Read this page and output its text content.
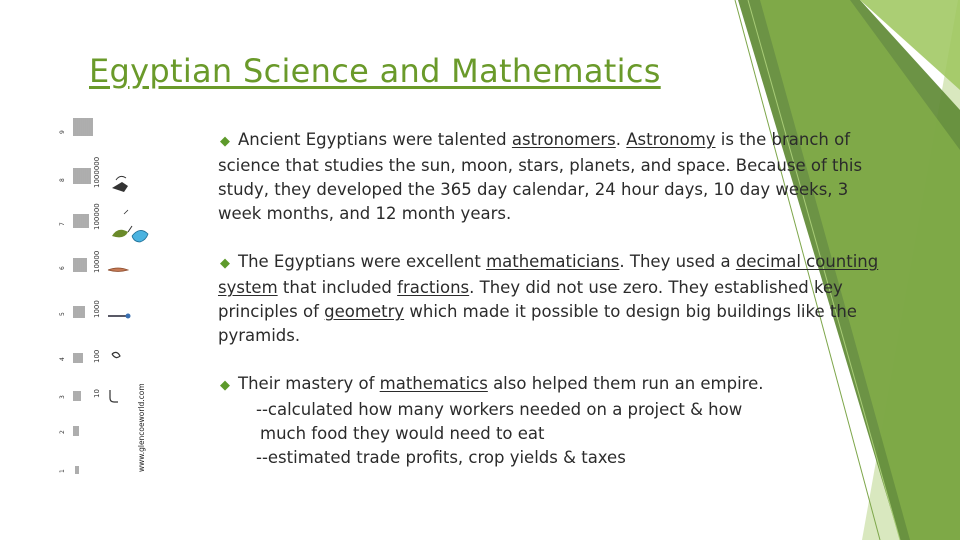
Egyptian Science and Mathematics
10
100
1000
10000
100000
1000000
1
2
3
4
5
6
7
8
9
www.glencoeworld.com

◆ Ancient Egyptians were talented astronomers. Astronomy is the branch of science that studies the sun, moon, stars, planets, and space. Because of this study, they developed the 365 day calendar, 24 hour days, 10 day weeks, 3 week months, and 12 month years.

◆ The Egyptians were excellent mathematicians. They used a decimal counting system that included fractions. They did not use zero. They established key principles of geometry which made it possible to design big buildings like the pyramids.

◆ Their mastery of mathematics also helped them run an empire.
--calculated how many workers needed on a project & how
much food they would need to eat
--estimated trade profits, crop yields & taxes
